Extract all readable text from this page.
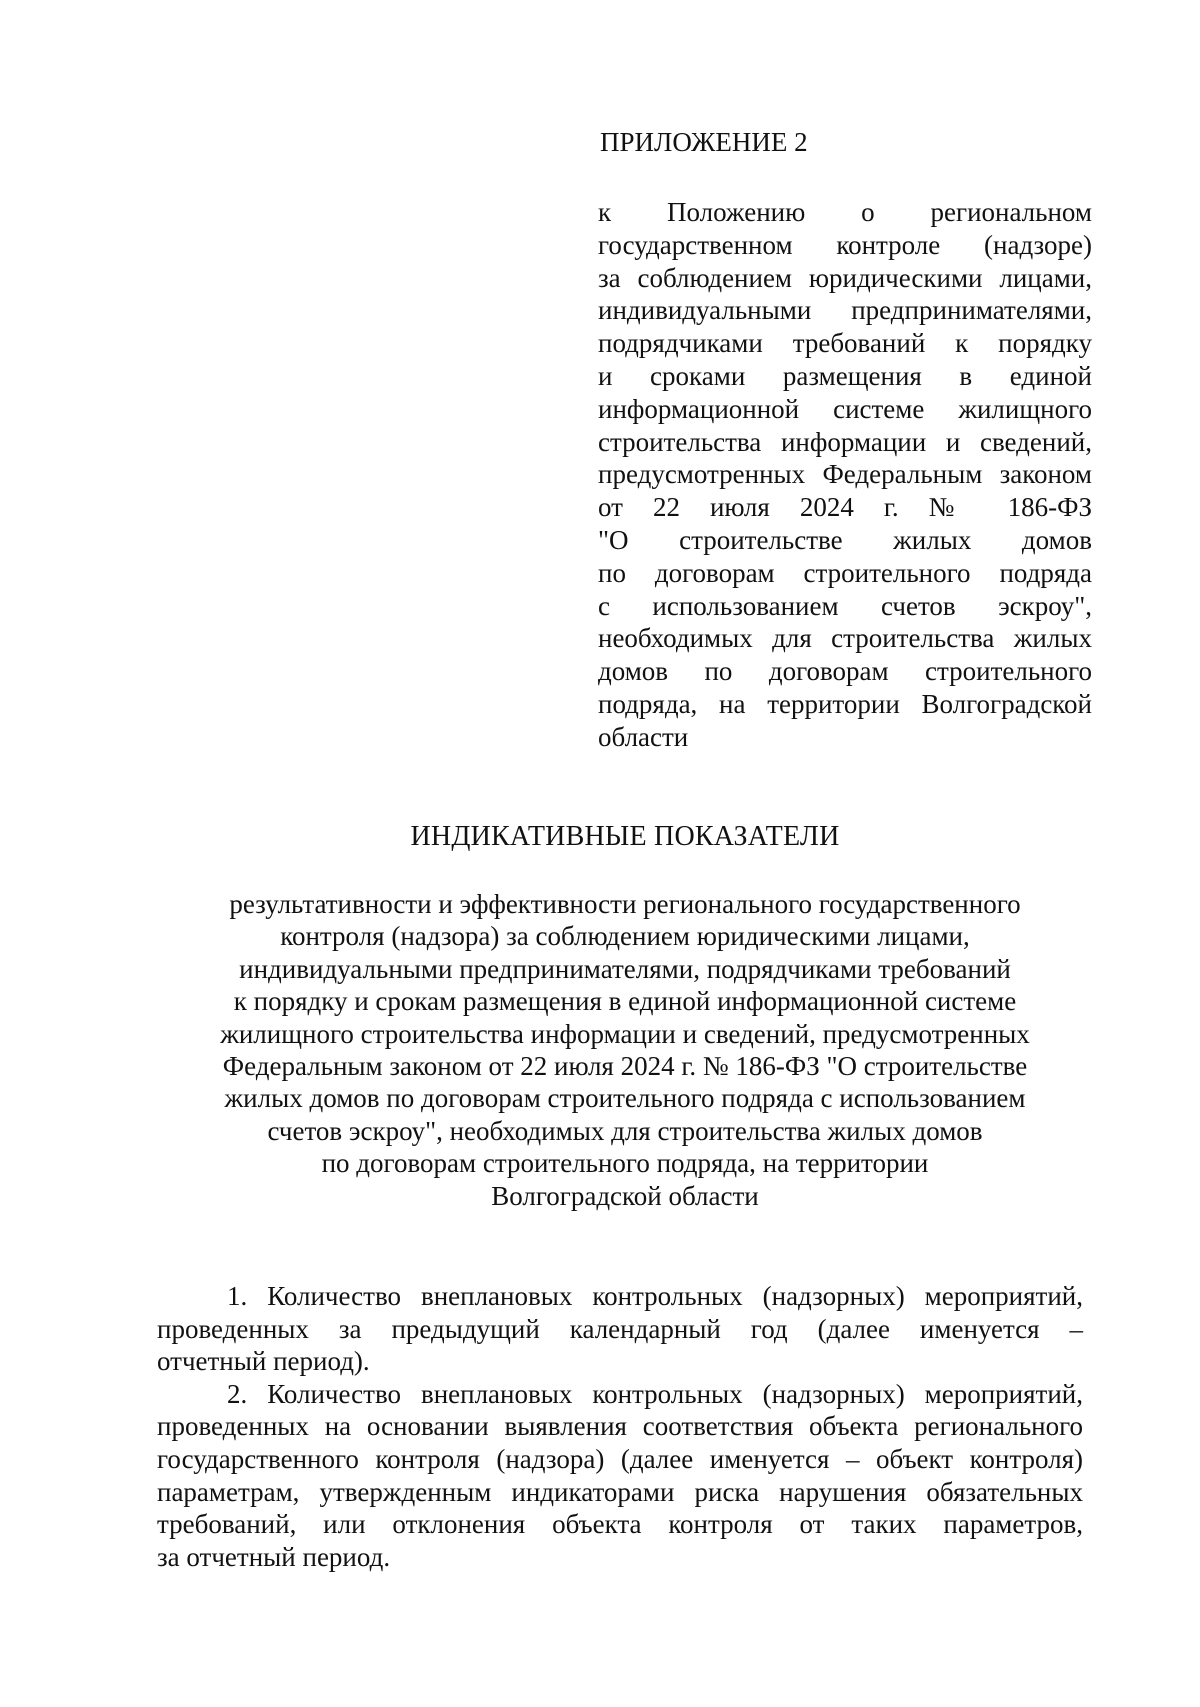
ПРИЛОЖЕНИЕ 2
к Положению о региональном
государственном контроле (надзоре)
за соблюдением юридическими лицами,
индивидуальными предпринимателями,
подрядчиками требований к порядку
и сроками размещения в единой
информационной системе жилищного
строительства информации и сведений,
предусмотренных Федеральным законом
от 22 июля 2024 г. № 186-ФЗ
"О строительстве жилых домов
по договорам строительного подряда
с использованием счетов эскроу",
необходимых для строительства жилых
домов по договорам строительного
подряда, на территории Волгоградской
области
ИНДИКАТИВНЫЕ ПОКАЗАТЕЛИ
результативности и эффективности регионального государственного
контроля (надзора) за соблюдением юридическими лицами,
индивидуальными предпринимателями, подрядчиками требований
к порядку и срокам размещения в единой информационной системе
жилищного строительства информации и сведений, предусмотренных
Федеральным законом от 22 июля 2024 г. № 186-ФЗ "О строительстве
жилых домов по договорам строительного подряда с использованием
счетов эскроу", необходимых для строительства жилых домов
по договорам строительного подряда, на территории
Волгоградской области
1. Количество внеплановых контрольных (надзорных) мероприятий,
проведенных за предыдущий календарный год (далее именуется –
отчетный период).
2. Количество внеплановых контрольных (надзорных) мероприятий,
проведенных на основании выявления соответствия объекта регионального
государственного контроля (надзора) (далее именуется – объект контроля)
параметрам, утвержденным индикаторами риска нарушения обязательных
требований, или отклонения объекта контроля от таких параметров,
за отчетный период.
